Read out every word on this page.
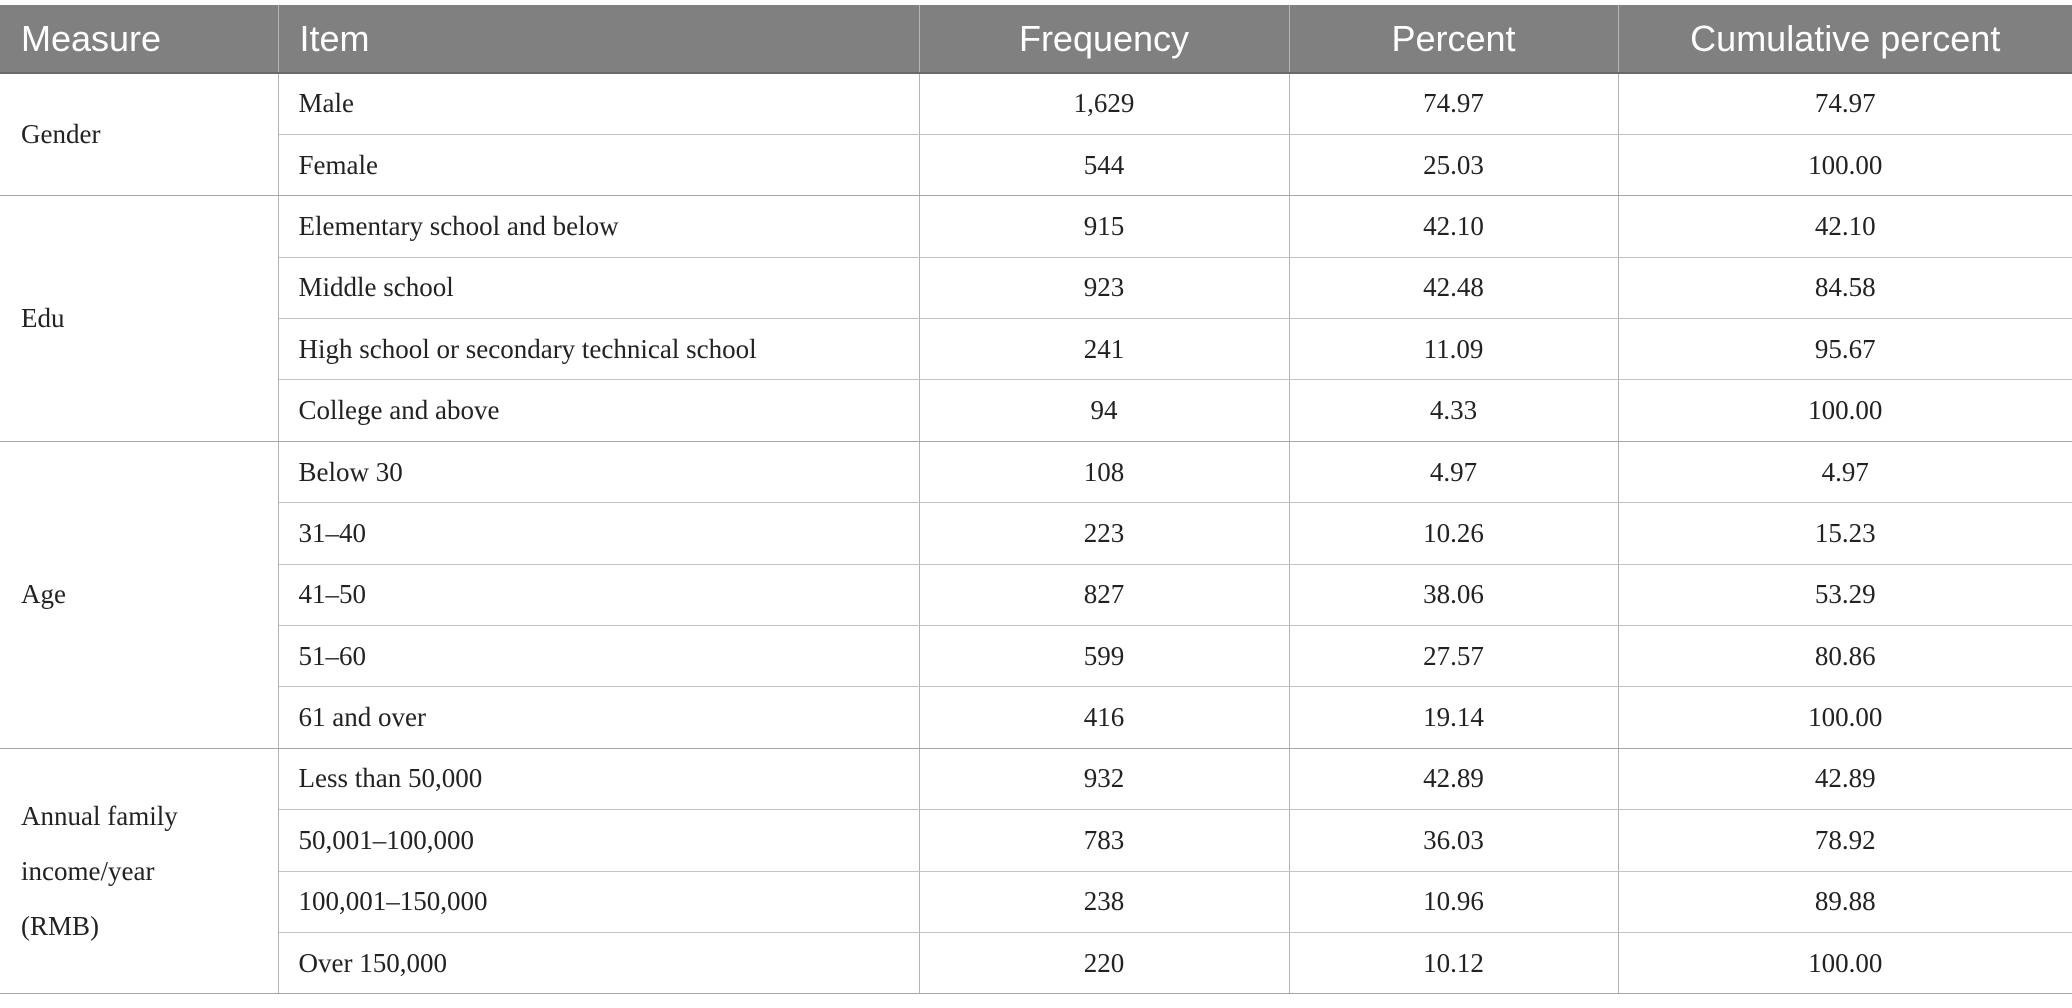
Measure	Item	Frequency	Percent	Cumulative percent
Gender	Male	1,629	74.97	74.97
	Female	544	25.03	100.00
Edu	Elementary school and below	915	42.10	42.10
	Middle school	923	42.48	84.58
	High school or secondary technical school	241	11.09	95.67
	College and above	94	4.33	100.00
Age	Below 30	108	4.97	4.97
	31–40	223	10.26	15.23
	41–50	827	38.06	53.29
	51–60	599	27.57	80.86
	61 and over	416	19.14	100.00
Annual family income/year (RMB)	Less than 50,000	932	42.89	42.89
	50,001–100,000	783	36.03	78.92
	100,001–150,000	238	10.96	89.88
	Over 150,000	220	10.12	100.00
